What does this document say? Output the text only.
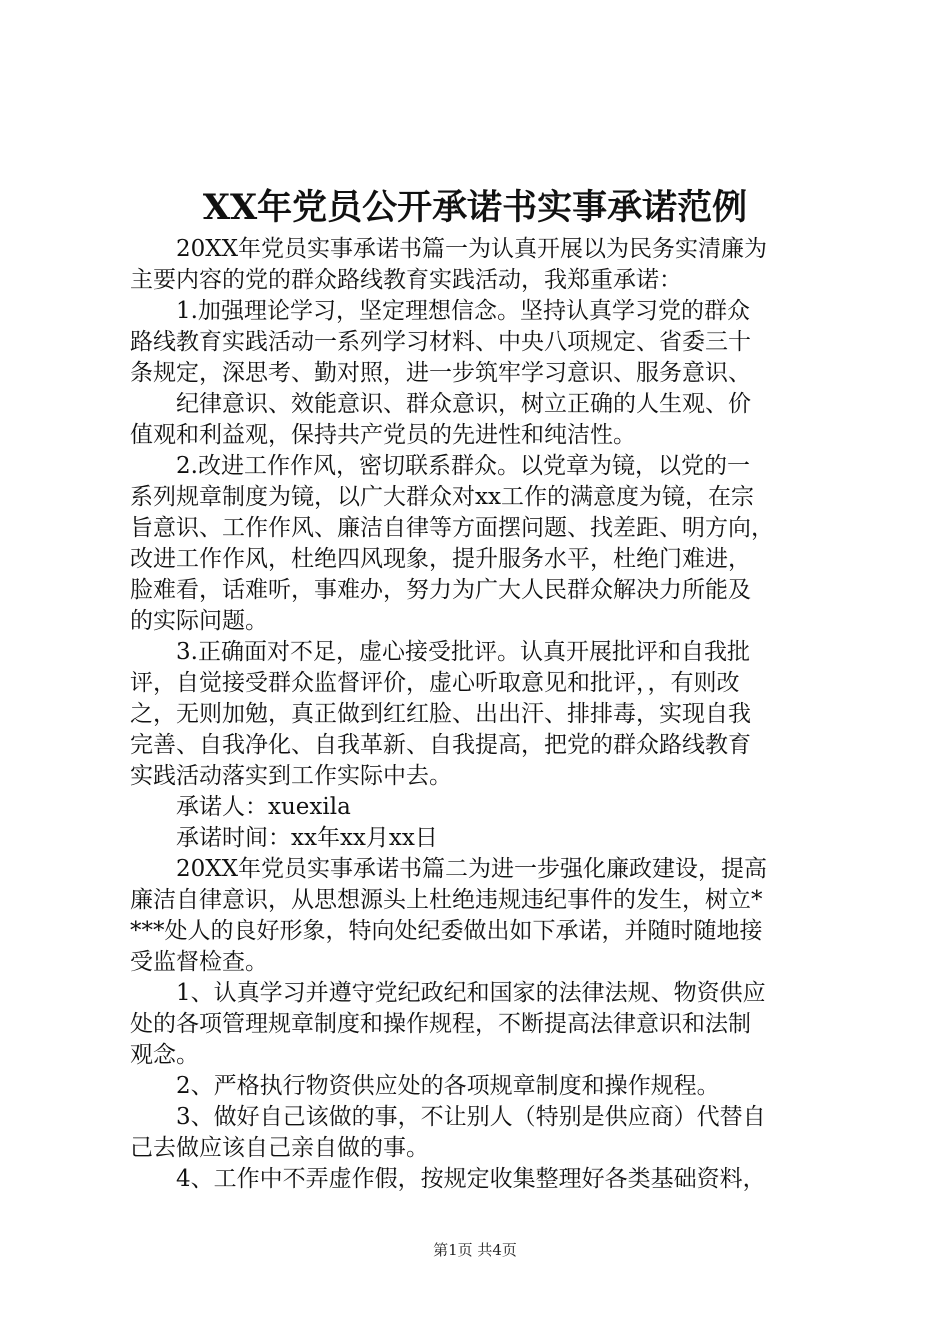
XX年党员公开承诺书实事承诺范例
20XX年党员实事承诺书篇一为认真开展以为民务实清廉为
主要内容的党的群众路线教育实践活动，我郑重承诺：
1.加强理论学习，坚定理想信念。坚持认真学习党的群众
路线教育实践活动一系列学习材料、中央八项规定、省委三十
条规定，深思考、勤对照，进一步筑牢学习意识、服务意识、
纪律意识、效能意识、群众意识，树立正确的人生观、价
值观和利益观，保持共产党员的先进性和纯洁性。
2.改进工作作风，密切联系群众。以党章为镜，以党的一
系列规章制度为镜，以广大群众对xx工作的满意度为镜，在宗
旨意识、工作作风、廉洁自律等方面摆问题、找差距、明方向，
改进工作作风，杜绝四风现象，提升服务水平，杜绝门难进，
脸难看，话难听，事难办，努力为广大人民群众解决力所能及
的实际问题。
3.正确面对不足，虚心接受批评。认真开展批评和自我批
评，自觉接受群众监督评价，虚心听取意见和批评，，有则改
之，无则加勉，真正做到红红脸、出出汗、排排毒，实现自我
完善、自我净化、自我革新、自我提高，把党的群众路线教育
实践活动落实到工作实际中去。
承诺人：xuexila
承诺时间：xx年xx月xx日
20XX年党员实事承诺书篇二为进一步强化廉政建设，提高
廉洁自律意识，从思想源头上杜绝违规违纪事件的发生，树立*
***处人的良好形象，特向处纪委做出如下承诺，并随时随地接
受监督检查。
1、认真学习并遵守党纪政纪和国家的法律法规、物资供应
处的各项管理规章制度和操作规程，不断提高法律意识和法制
观念。
2、严格执行物资供应处的各项规章制度和操作规程。
3、做好自己该做的事，不让别人（特别是供应商）代替自
己去做应该自己亲自做的事。
4、工作中不弄虚作假，按规定收集整理好各类基础资料，
第1页 共4页
